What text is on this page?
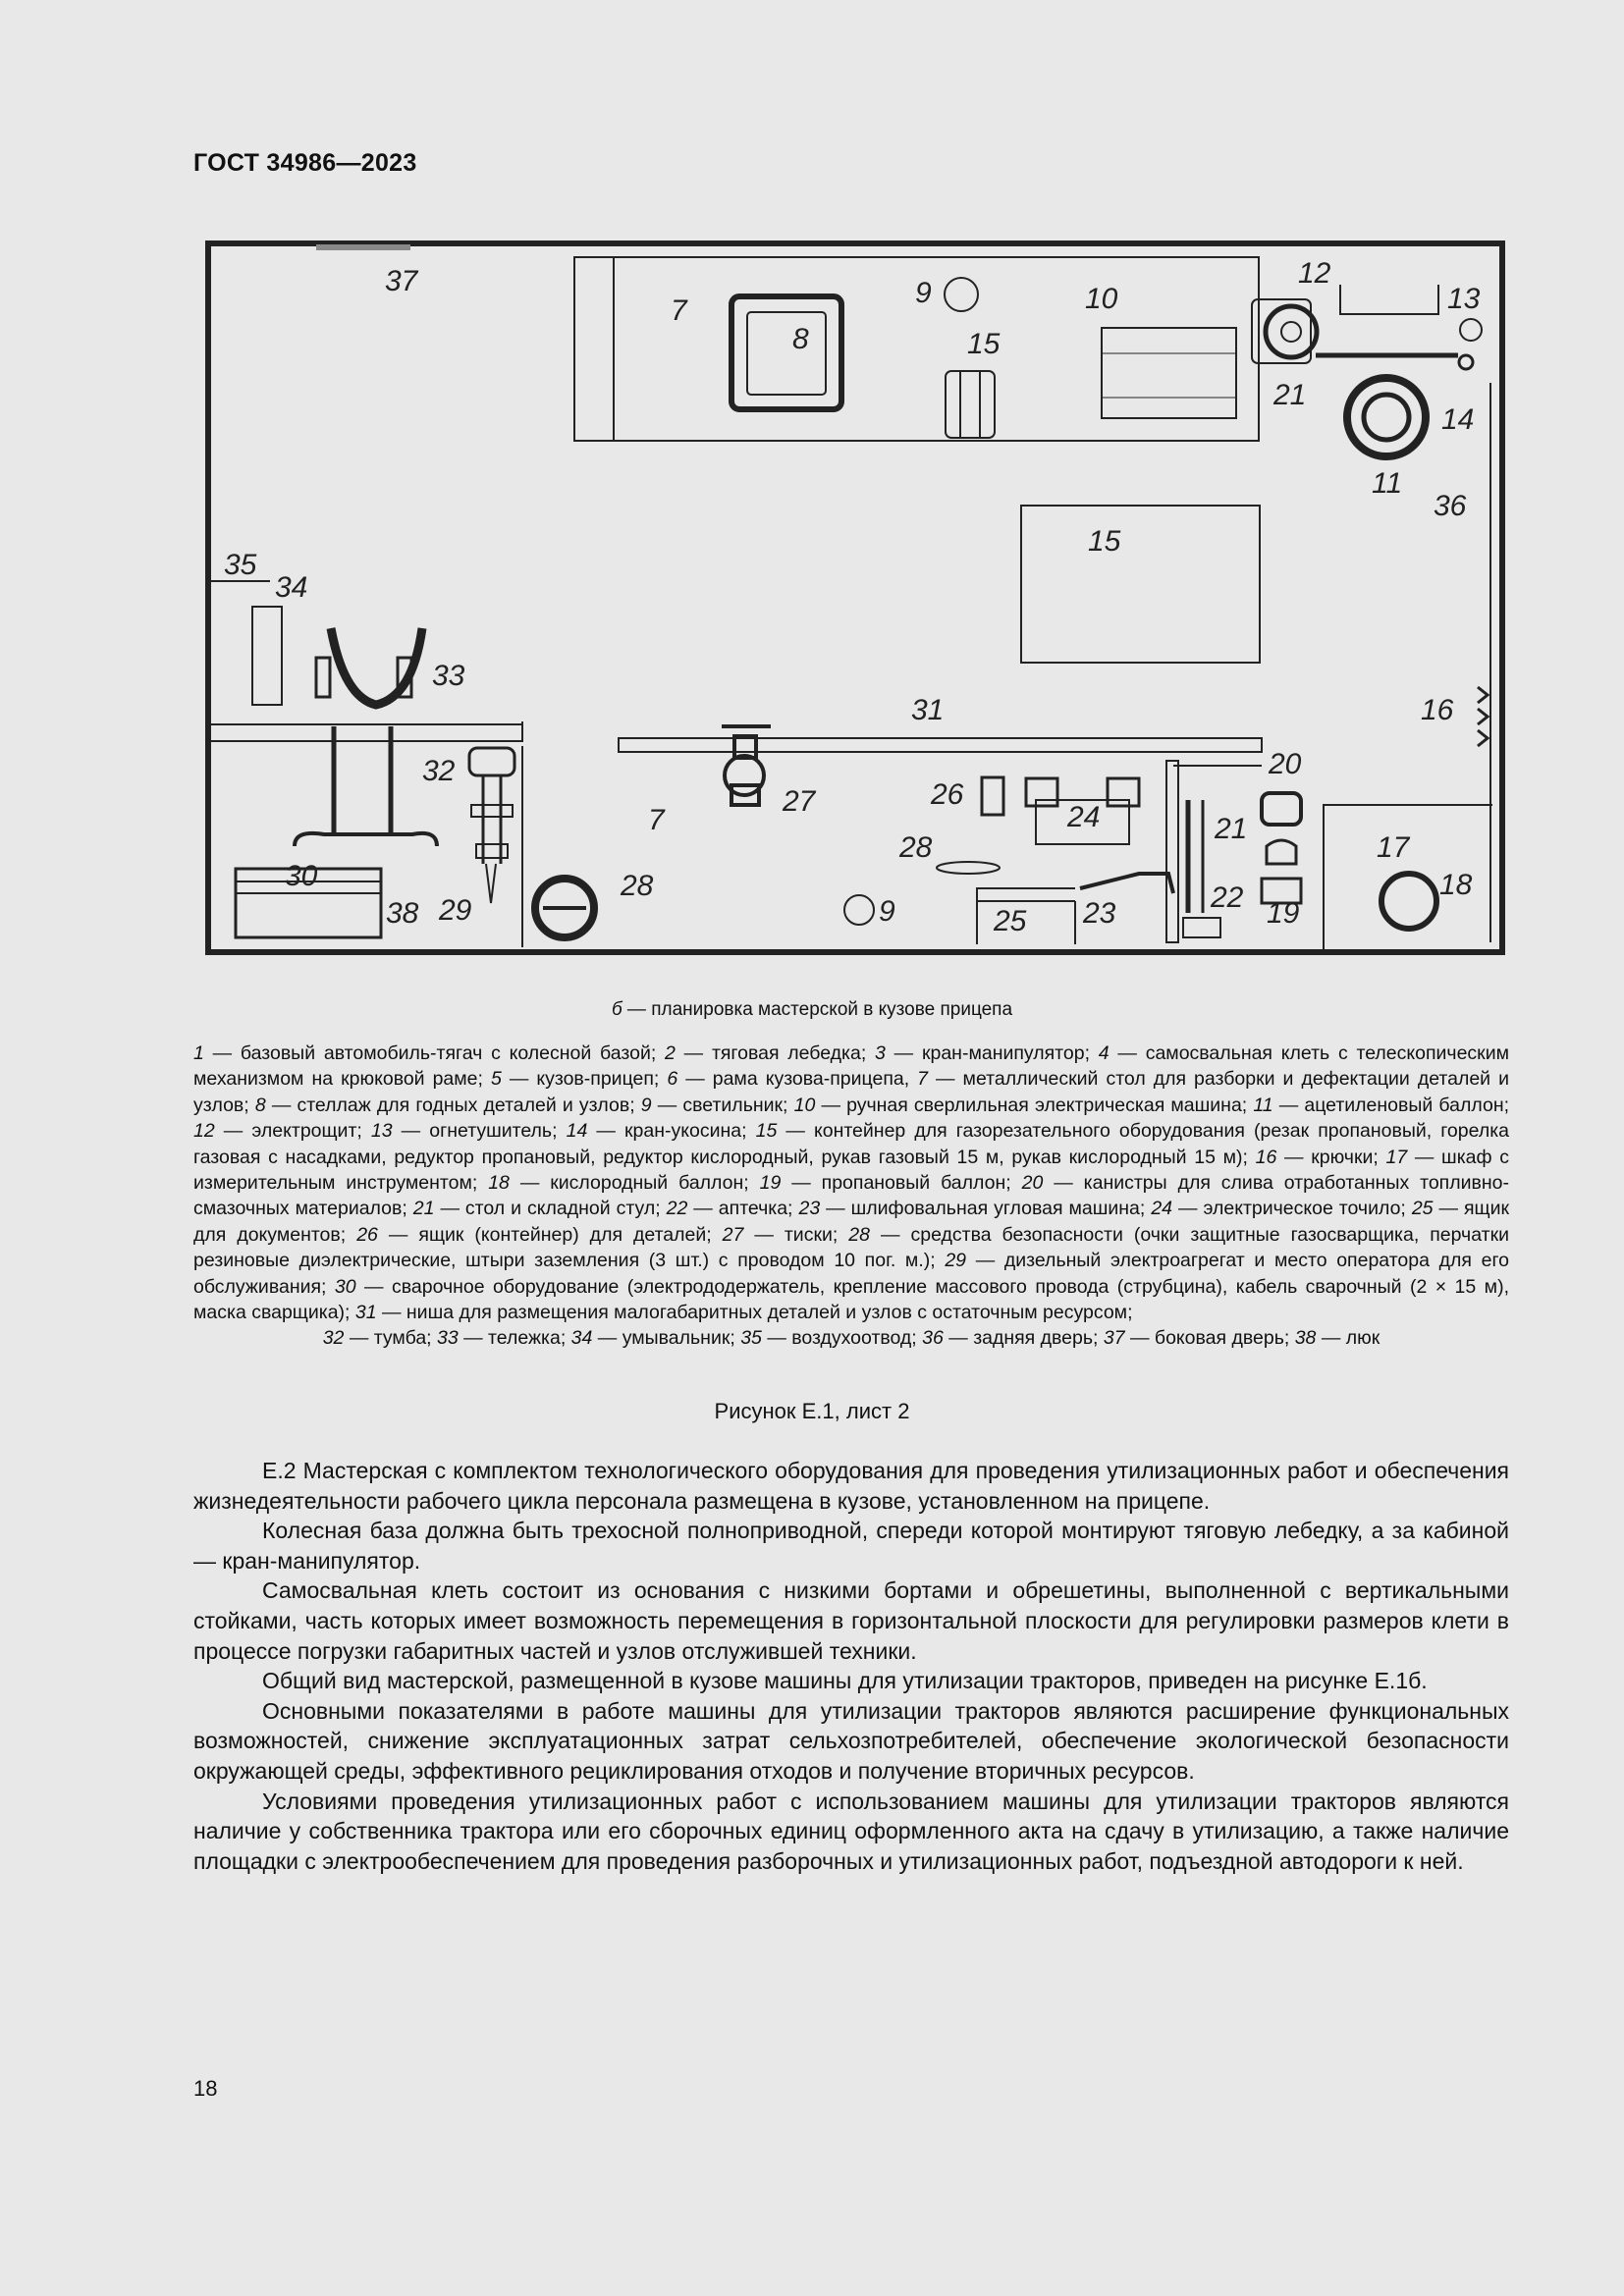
ГОСТ 34986—2023
37
7
8
9
15
10
12
13
21
14
11
36
15
35
34
33
31	16
32
7
27	26
24
20
21
17
18
30
38 29
28
28
9	25 23	22 19
б — планировка мастерской в кузове прицепа

1 — базовый автомобиль-тягач с колесной базой; 2 — тяговая лебедка; 3 — кран-манипулятор; 4 — самосвальная клеть с телескопическим механизмом на крюковой раме; 5 — кузов-прицеп; 6 — рама кузова-прицепа, 7 — металлический стол для разборки и дефектации деталей и узлов; 8 — стеллаж для годных деталей и узлов; 9 — светильник; 10 — ручная сверлильная электрическая машина; 11 — ацетиленовый баллон; 12 — электрощит; 13 — огнетушитель; 14 — кран-укосина; 15 — контейнер для газорезательного оборудования (резак пропановый, горелка газовая с насадками, редуктор пропановый, редуктор кислородный, рукав газовый 15 м, рукав кислородный 15 м); 16 — крючки; 17 — шкаф с измерительным инструментом; 18 — кислородный баллон; 19 — пропановый баллон; 20 — канистры для слива отработанных топливно-смазочных материалов; 21 — стол и складной стул; 22 — аптечка; 23 — шлифовальная угловая машина; 24 — электрическое точило; 25 — ящик для документов; 26 — ящик (контейнер) для деталей; 27 — тиски; 28 — средства безопасности (очки защитные газосварщика, перчатки резиновые диэлектрические, штыри заземления (3 шт.) с проводом 10 пог. м.); 29 — дизельный электроагрегат и место оператора для его обслуживания; 30 — сварочное оборудование (электрододержатель, крепление массового провода (струбцина), кабель сварочный (2 × 15 м), маска сварщика); 31 — ниша для размещения малогабаритных деталей и узлов с остаточным ресурсом;

32 — тумба; 33 — тележка; 34 — умывальник; 35 — воздухоотвод; 36 — задняя дверь; 37 — боковая дверь; 38 — люк

Рисунок Е.1, лист 2

Е.2 Мастерская с комплектом технологического оборудования для проведения утилизационных работ и обеспечения жизнедеятельности рабочего цикла персонала размещена в кузове, установленном на прицепе.

Колесная база должна быть трехосной полноприводной, спереди которой монтируют тяговую лебедку, а за кабиной — кран-манипулятор.

Самосвальная клеть состоит из основания с низкими бортами и обрешетины, выполненной с вертикальными стойками, часть которых имеет возможность перемещения в горизонтальной плоскости для регулировки размеров клети в процессе погрузки габаритных частей и узлов отслужившей техники.

Общий вид мастерской, размещенной в кузове машины для утилизации тракторов, приведен на рисунке Е.1б.

Основными показателями в работе машины для утилизации тракторов являются расширение функциональных возможностей, снижение эксплуатационных затрат сельхозпотребителей, обеспечение экологической безопасности окружающей среды, эффективного рециклирования отходов и получение вторичных ресурсов.

Условиями проведения утилизационных работ с использованием машины для утилизации тракторов являются наличие у собственника трактора или его сборочных единиц оформленного акта на сдачу в утилизацию, а также наличие площадки с электрообеспечением для проведения разборочных и утилизационных работ, подъездной автодороги к ней.

18
